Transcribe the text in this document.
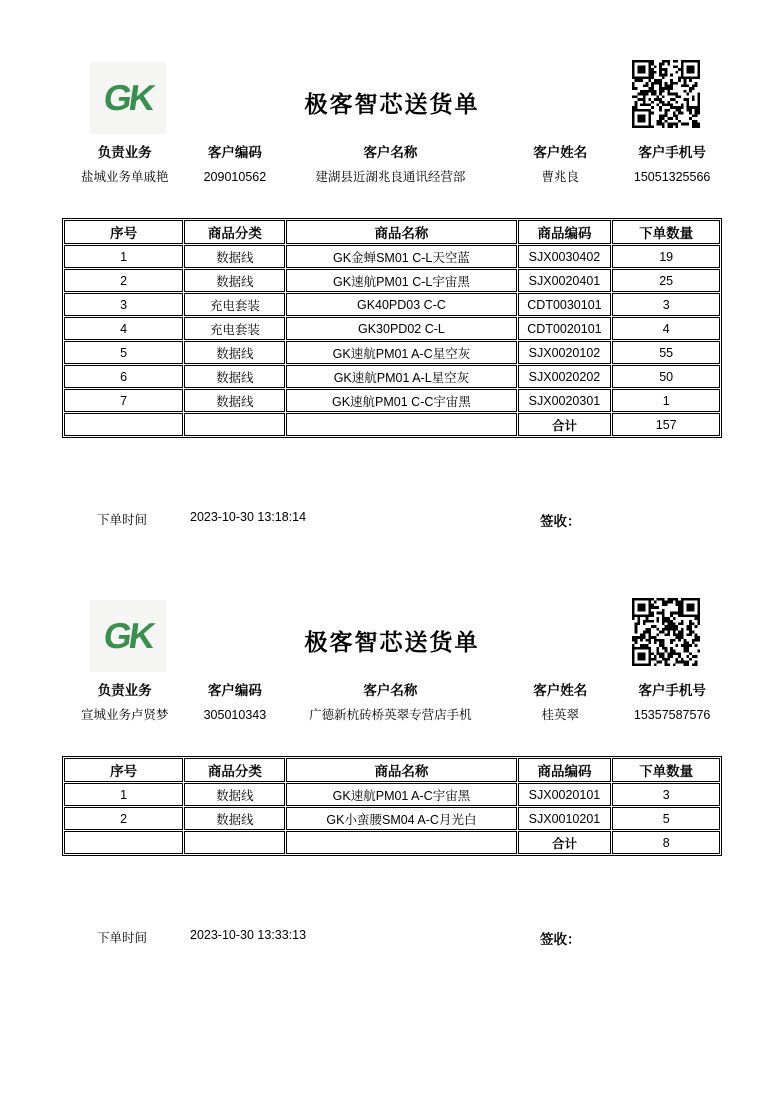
GK	极客智芯送货单
负责业务
盐城业务单戚艳
客户编码
209010562
客户名称
建湖县近湖兆良通讯经营部
客户姓名
曹兆良
客户手机号
15051325566
序号	商品分类	商品名称	商品编码	下单数量
1	数据线	GK金蝉SM01 C-L天空蓝	SJX0030402	19
2	数据线	GK速航PM01 C-L宇宙黑	SJX0020401	25
3	充电套装	GK40PD03 C-C	CDT0030101	3
4	充电套装	GK30PD02 C-L	CDT0020101	4
5	数据线	GK速航PM01 A-C星空灰	SJX0020102	55
6	数据线	GK速航PM01 A-L星空灰	SJX0020202	50
7	数据线	GK速航PM01 C-C宇宙黑	SJX0020301	1
			合计	157
下单时间	2023-10-30 13:18:14	签收：
GK	极客智芯送货单
负责业务
宣城业务卢贤梦
客户编码
305010343
客户名称
广德新杭砖桥英翠专营店手机
客户姓名
桂英翠
客户手机号
15357587576
序号	商品分类	商品名称	商品编码	下单数量
1	数据线	GK速航PM01 A-C宇宙黑	SJX0020101	3
2	数据线	GK小蛮腰SM04 A-C月光白	SJX0010201	5
			合计	8
下单时间	2023-10-30 13:33:13	签收：
